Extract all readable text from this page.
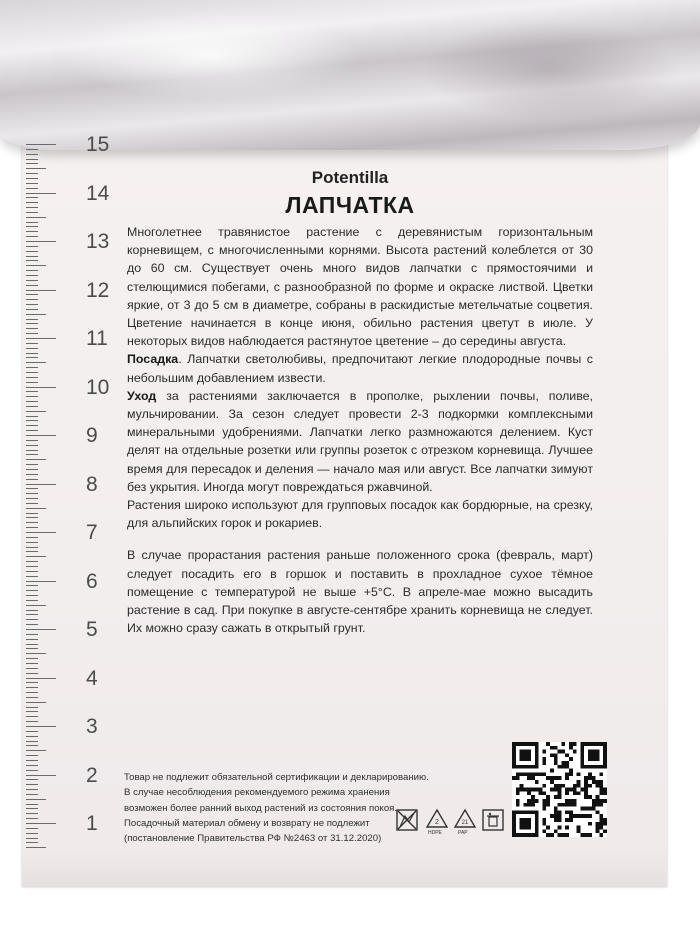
15
14
13
12
11
10
9
8
7
6
5
4
3
2
1
Potentilla
ЛАПЧАТКА

Многолетнее травянистое растение с деревянистым горизонтальным корневищем, с многочисленными корнями. Высота растений колеблется от 30 до 60 см. Существует очень много видов лапчатки с прямостоячими и стелющимися побегами, с разнообразной по форме и окраске листвой. Цветки яркие, от 3 до 5 см в диаметре, собраны в раскидистые метельчатые соцветия. Цветение начинается в конце июня, обильно растения цветут в июле. У некоторых видов наблюдается растянутое цветение – до середины августа.

Посадка. Лапчатки светолюбивы, предпочитают легкие плодородные почвы с небольшим добавлением извести.

Уход за растениями заключается в прополке, рыхлении почвы, поливе, мульчировании. За сезон следует провести 2-3 подкормки комплексными минеральными удобрениями. Лапчатки легко размножаются делением. Куст делят на отдельные розетки или группы розеток с отрезком корневища. Лучшее время для пересадок и деления — начало мая или август. Все лапчатки зимуют без укрытия. Иногда могут повреждаться ржавчиной.

Растения широко используют для групповых посадок как бордюрные, на срезку, для альпийских горок и рокариев.

В случае прорастания растения раньше положенного срока (февраль, март) следует посадить его в горшок и поставить в прохладное сухое тёмное помещение с температурой не выше +5°С. В апреле-мае можно высадить растение в сад. При покупке в августе-сентябре хранить корневища не следует. Их можно сразу сажать в открытый грунт.

Товар не подлежит обязательной сертификации и декларированию.

В случае несоблюдения рекомендуемого режима хранения

возможен более ранний выход растений из состояния покоя.

Посадочный материал обмену и возврату не подлежит

(постановление Правительства РФ №2463 от 31.12.2020)

2
HDPE
21
PAP
